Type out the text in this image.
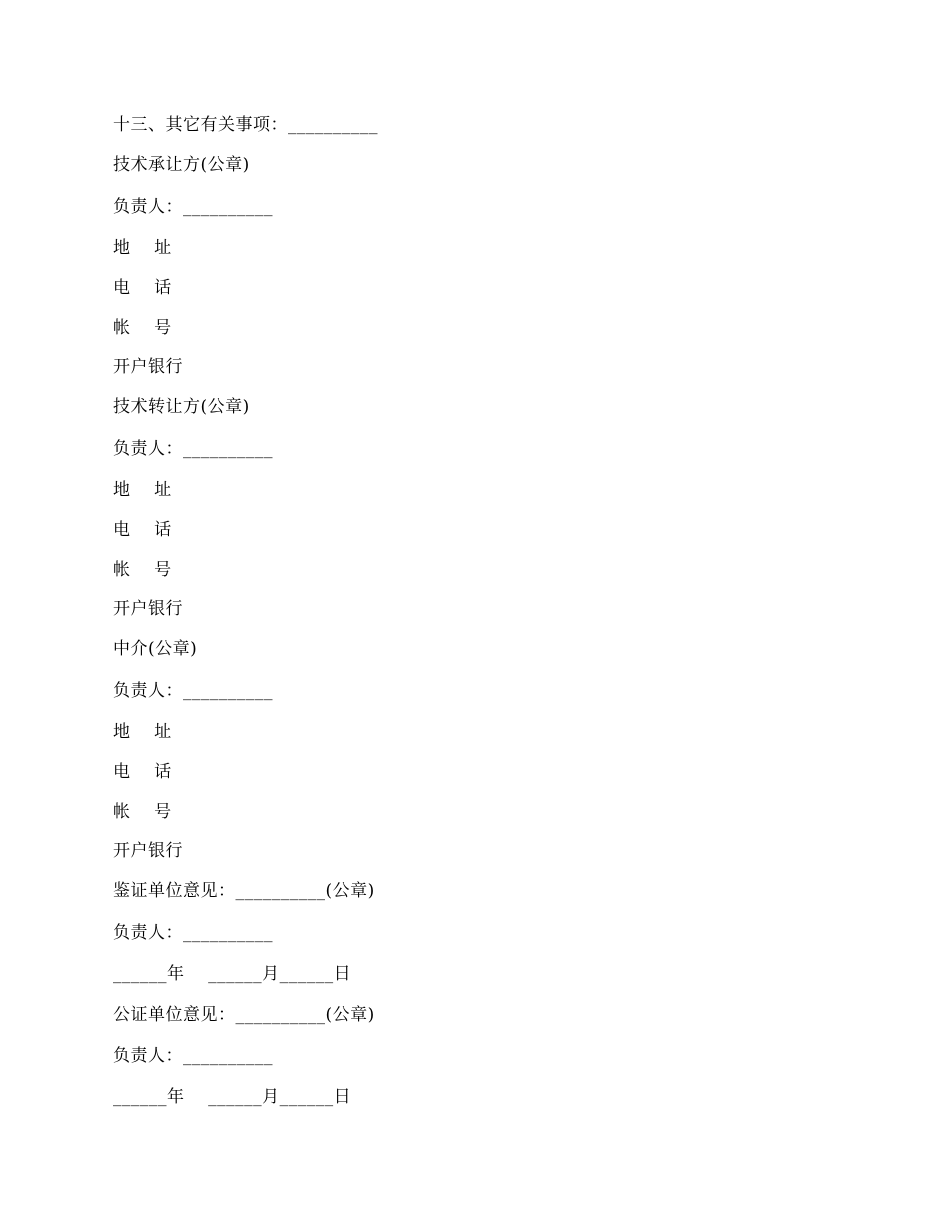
十三、其它有关事项：__________
技术承让方(公章)
负责人：__________
地    址
电    话
帐    号
开户银行
技术转让方(公章)
负责人：__________
地    址
电    话
帐    号
开户银行
中介(公章)
负责人：__________
地    址
电    话
帐    号
开户银行
鉴证单位意见：__________(公章)
负责人：__________
______年    ______月______日
公证单位意见：__________(公章)
负责人：__________
______年    ______月______日
